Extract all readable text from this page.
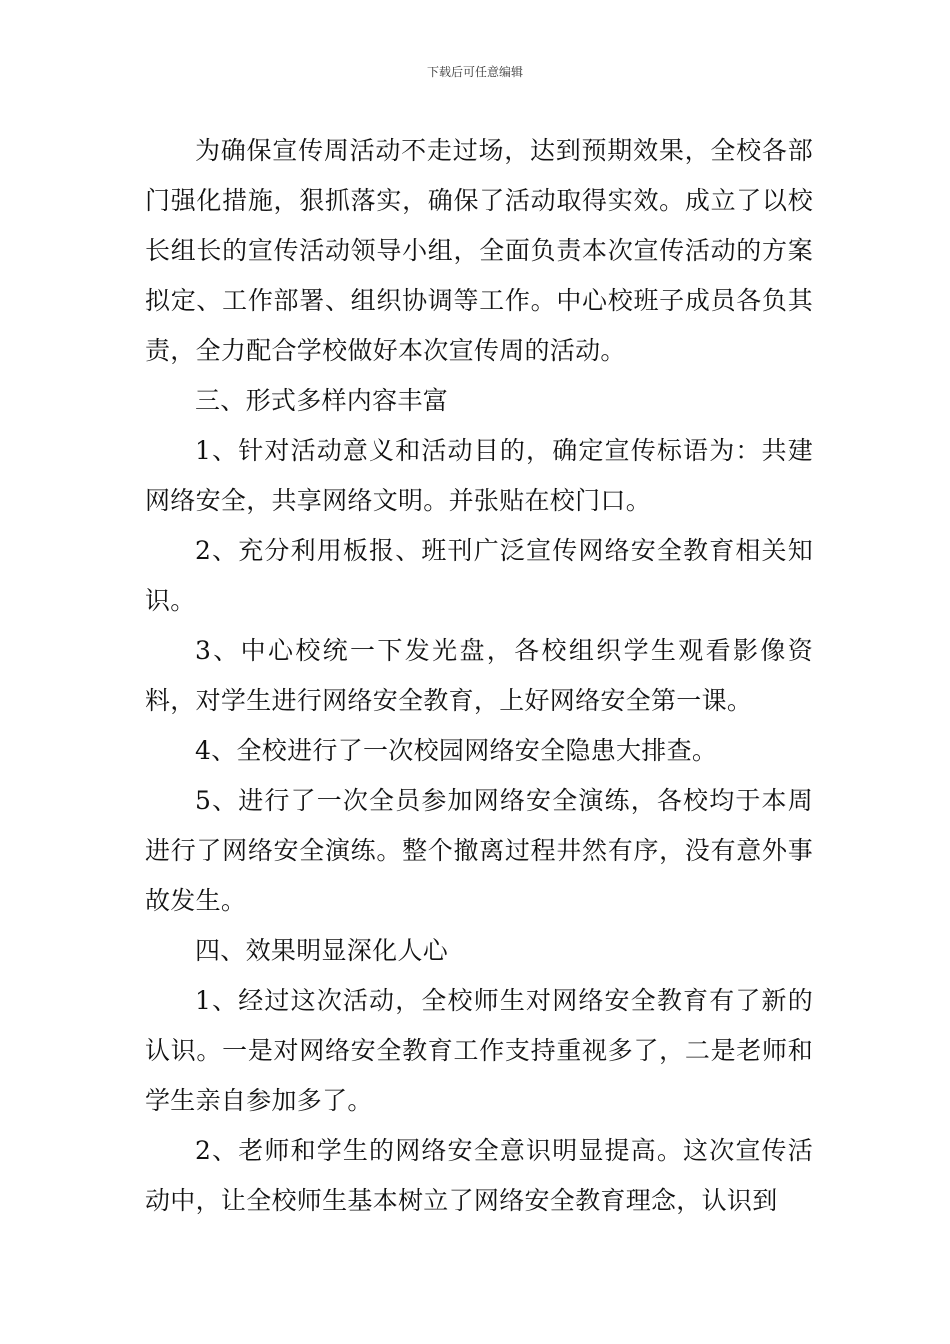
下载后可任意编辑

为确保宣传周活动不走过场，达到预期效果，全校各部门强化措施，狠抓落实，确保了活动取得实效。成立了以校长组长的宣传活动领导小组，全面负责本次宣传活动的方案拟定、工作部署、组织协调等工作。中心校班子成员各负其责，全力配合学校做好本次宣传周的活动。

三、形式多样内容丰富

1、针对活动意义和活动目的，确定宣传标语为：共建网络安全，共享网络文明。并张贴在校门口。

2、充分利用板报、班刊广泛宣传网络安全教育相关知识。

3、中心校统一下发光盘，各校组织学生观看影像资料，对学生进行网络安全教育，上好网络安全第一课。

4、全校进行了一次校园网络安全隐患大排查。

5、进行了一次全员参加网络安全演练，各校均于本周进行了网络安全演练。整个撤离过程井然有序，没有意外事故发生。

四、效果明显深化人心

1、经过这次活动，全校师生对网络安全教育有了新的认识。一是对网络安全教育工作支持重视多了，二是老师和学生亲自参加多了。

2、老师和学生的网络安全意识明显提高。这次宣传活动中，让全校师生基本树立了网络安全教育理念，认识到
